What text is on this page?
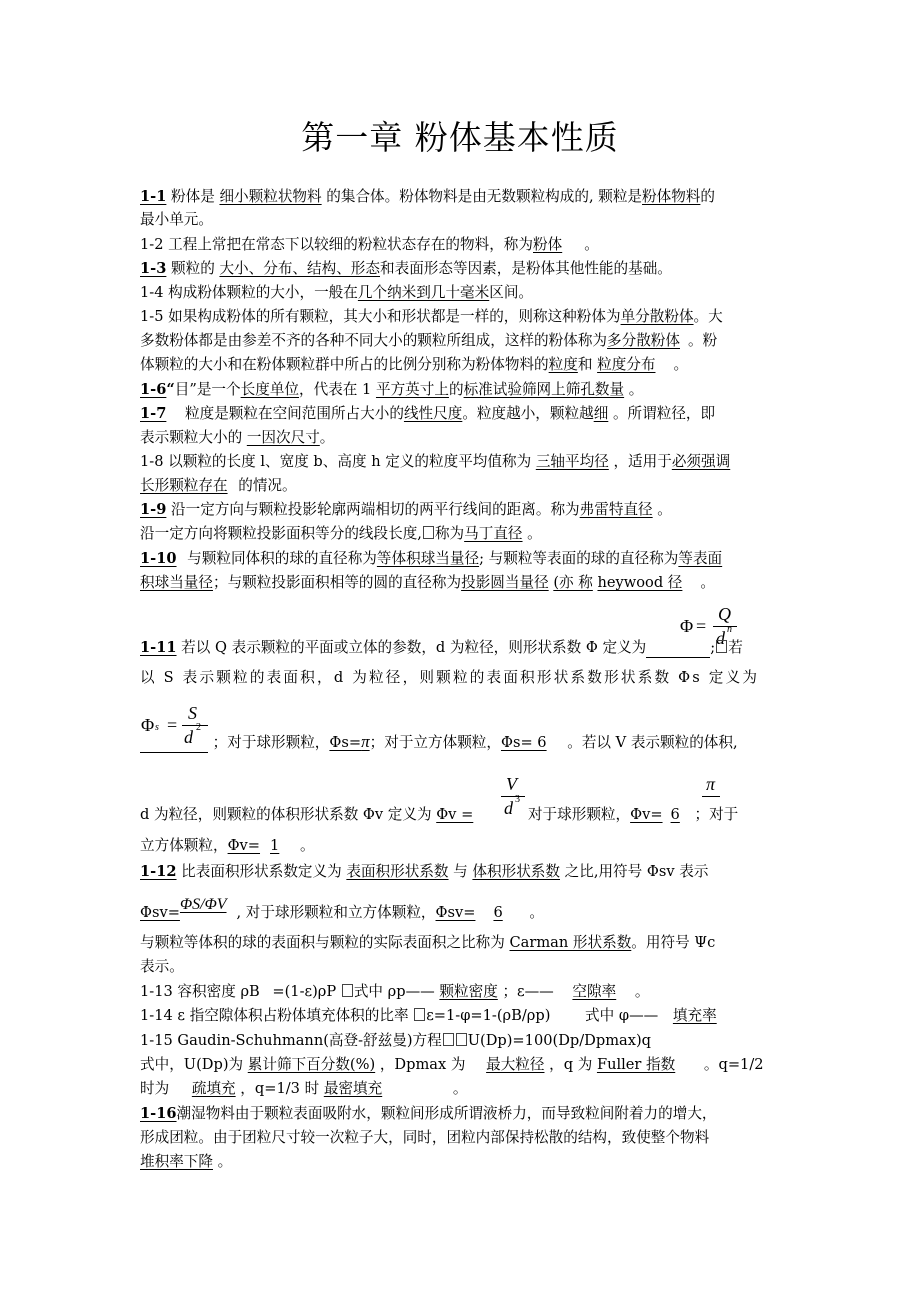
第一章 粉体基本性质
1-1 粉体是 细小颗粒状物料 的集合体。粉体物料是由无数颗粒构成的, 颗粒是粉体物料的
最小单元。
1-2 工程上常把在常态下以较细的粉粒状态存在的物料，称为粉体 。
1-3 颗粒的 大小、分布、结构、形态和表面形态等因素，是粉体其他性能的基础。
1-4 构成粉体颗粒的大小，一般在几个纳米到几十毫米区间。
1-5 如果构成粉体的所有颗粒，其大小和形状都是一样的，则称这种粉体为单分散粉体。大
多数粉体都是由参差不齐的各种不同大小的颗粒所组成，这样的粉体称为多分散粉体 。粉
体颗粒的大小和在粉体颗粒群中所占的比例分别称为粉体物料的粒度和 粒度分布 。
1-6“目”是一个长度单位，代表在 1 平方英寸上的标准试验筛网上筛孔数量 。
1-7 粒度是颗粒在空间范围所占大小的线性尺度。粒度越小，颗粒越细 。所谓粒径，即
表示颗粒大小的 一因次尺寸。
1-8 以颗粒的长度 l、宽度 b、高度 h 定义的粒度平均值称为 三轴平均径 ，适用于必须强调
长形颗粒存在 的情况。
1-9 沿一定方向与颗粒投影轮廓两端相切的两平行线间的距离。称为弗雷特直径 。
沿一定方向将颗粒投影面积等分的线段长度, 称为马丁直径 。
1-10 与颗粒同体积的球的直径称为等体积球当量径; 与颗粒等表面的球的直径称为等表面
积球当量径；与颗粒投影面积相等的圆的直径称为投影圆当量径 (亦 称 heywood 径 。
Φ =
Q
d n
1-11 若以 Q 表示颗粒的平面或立体的参数，d 为粒径，则形状系数 Φ 定义为	; 若
以 S 表示颗粒的表面积，d 为粒径，则颗粒的表面积形状系数形状系数 Φs 定义为
Φ s =
S
d 2
；对于球形颗粒，Φs=π；对于立方体颗粒，Φs= 6 。若以 V 表示颗粒的体积,
V
d 3
π
d 为粒径，则颗粒的体积形状系数 Φv 定义为 Φv =	对于球形颗粒，Φv= 6 ；对于
立方体颗粒，Φv= 1 。
1-12 比表面积形状系数定义为 表面积形状系数 与 体积形状系数 之比,用符号 Φsv 表示
Φsv=ΦS/ΦV , 对于球形颗粒和立方体颗粒，Φsv= 6 。
与颗粒等体积的球的表面积与颗粒的实际表面积之比称为 Carman 形状系数。用符号 Ψc
表示。
1-13 容积密度 ρB =(1-ε)ρP 式中 ρp—— 颗粒密度 ；ε—— 空隙率 。
1-14 ε 指空隙体积占粉体填充体积的比率 ε=1-φ=1-(ρB/ρp) 式中 φ—— 填充率
1-15 Gaudin-Schuhmann(高登-舒兹曼)方程 U(Dp)=100(Dp/Dpmax)q
式中，U(Dp)为 累计筛下百分数(%) ，Dpmax 为 最大粒径 ，q 为 Fuller 指数 。q=1/2
时为 疏填充 ，q=1/3 时 最密填充	。
1-16潮湿物料由于颗粒表面吸附水，颗粒间形成所谓液桥力，而导致粒间附着力的增大，
形成团粒。由于团粒尺寸较一次粒子大，同时，团粒内部保持松散的结构，致使整个物料
堆积率下降 。
